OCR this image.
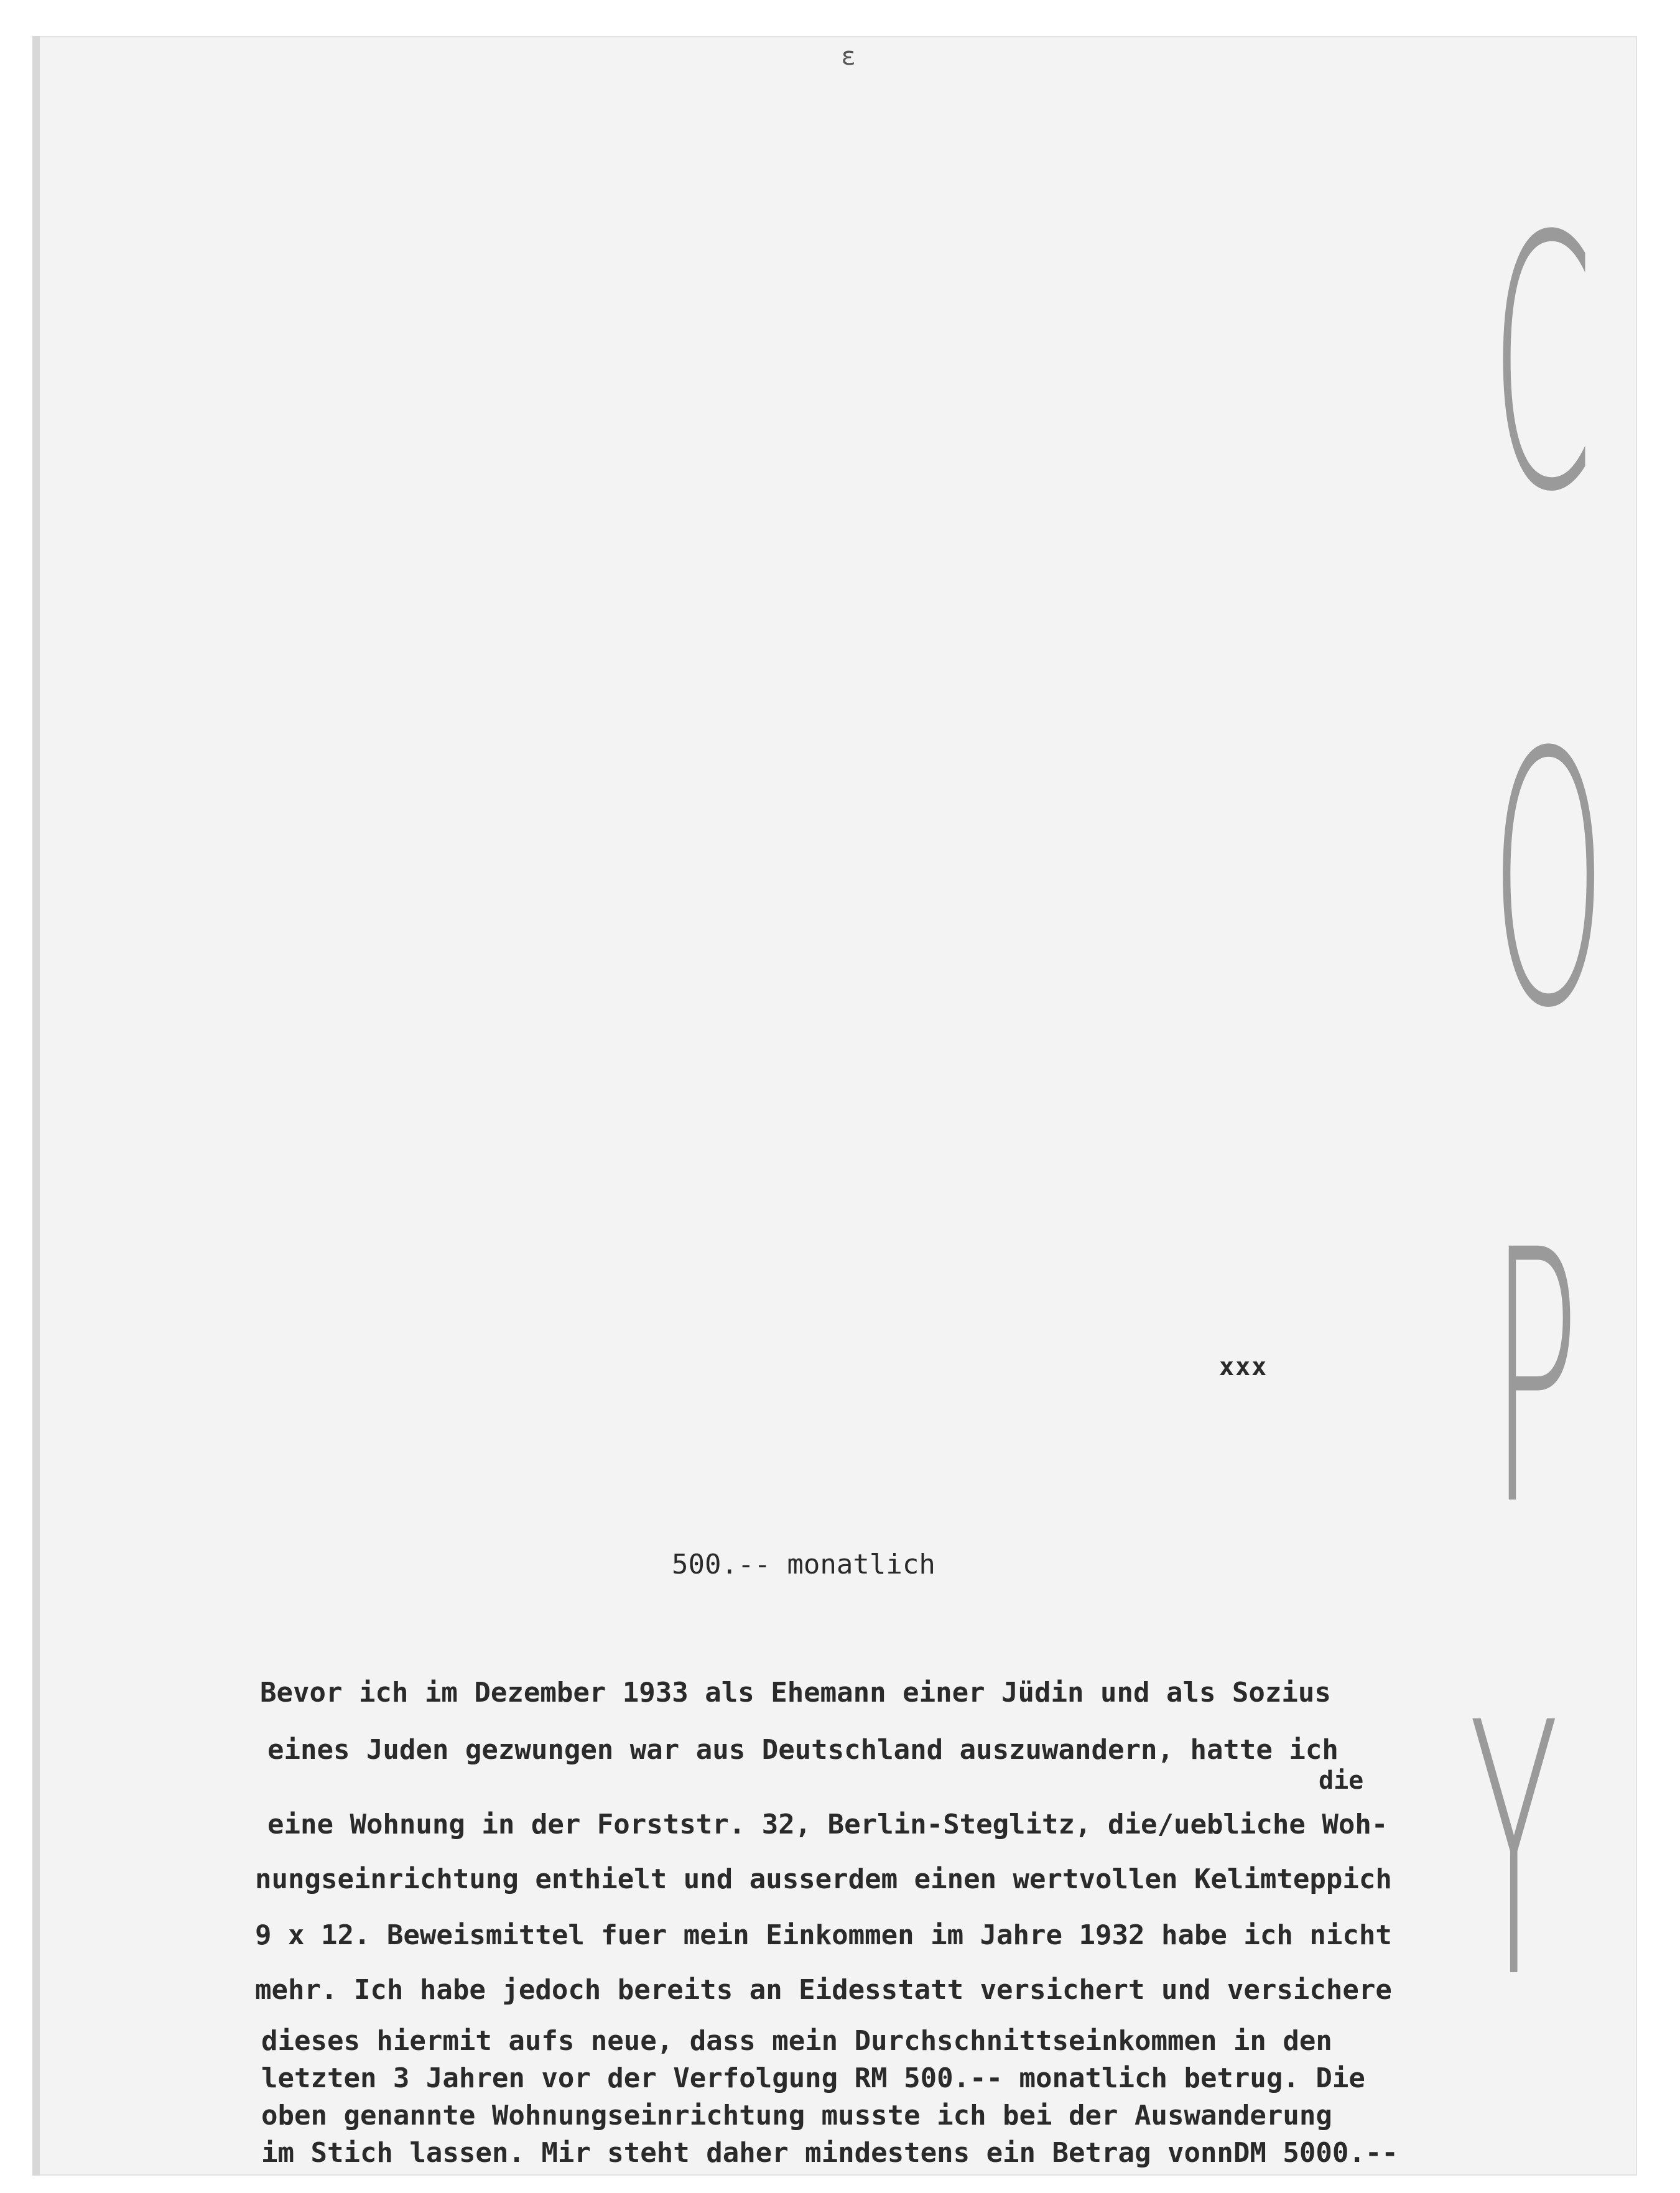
ɛ
C
O
P
Y
xxx
500.-- monatlich
die
Bevor ich im Dezember 1933 als Ehemann einer Jüdin und als Sozius
eines Juden gezwungen war aus Deutschland auszuwandern, hatte ich
eine Wohnung in der Forststr. 32, Berlin-Steglitz, die/uebliche Woh-
nungseinrichtung enthielt und ausserdem einen wertvollen Kelimteppich
9 x 12. Beweismittel fuer mein Einkommen im Jahre 1932 habe ich nicht
mehr. Ich habe jedoch bereits an Eidesstatt versichert und versichere
dieses hiermit aufs neue, dass mein Durchschnittseinkommen in den
letzten 3 Jahren vor der Verfolgung RM 500.-- monatlich betrug. Die
oben genannte Wohnungseinrichtung musste ich bei der Auswanderung
im Stich lassen. Mir steht daher mindestens ein Betrag vonnDM 5000.--
